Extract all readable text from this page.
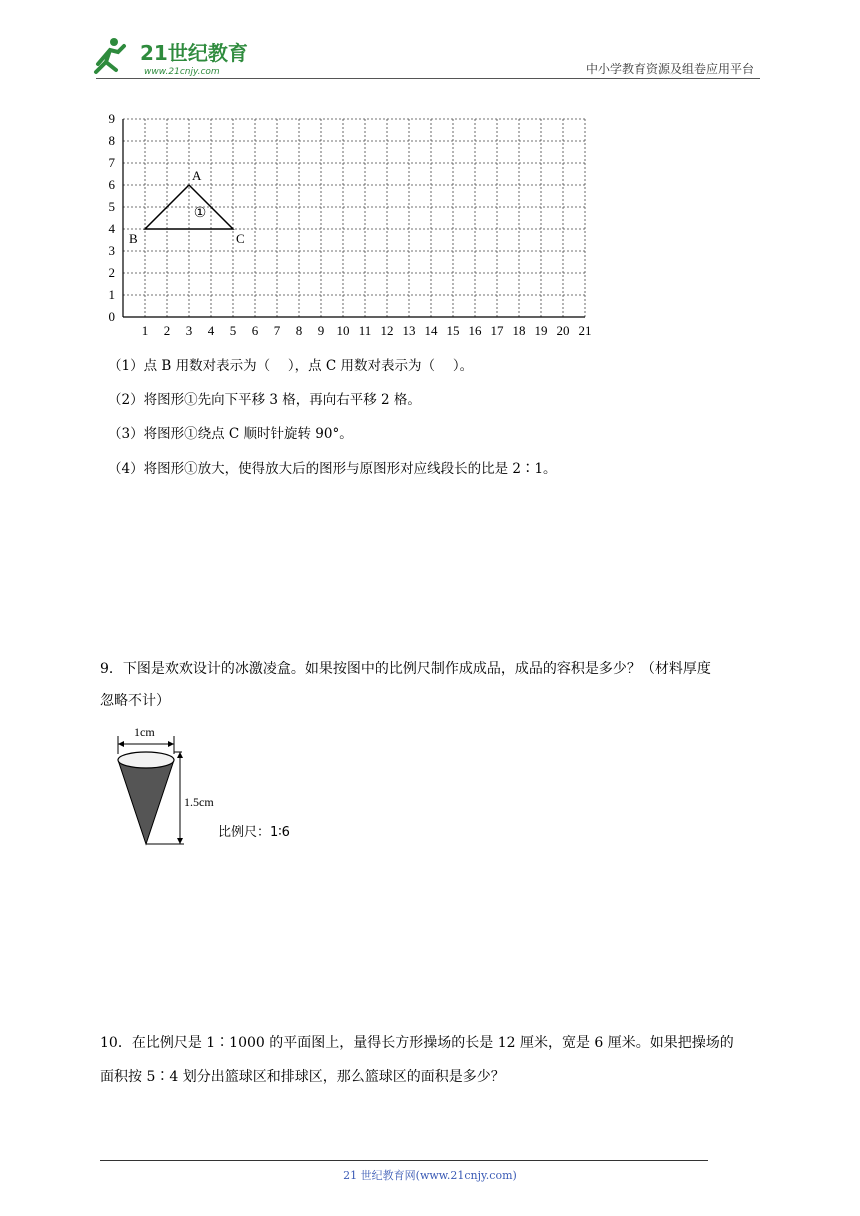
21世纪教育
www.21cnjy.com	中小学教育资源及组卷应用平台
1 2 3 4 5 6 7 8 9 10 11 12 13 14 15 16 17 18 19 20 21
0
1
2
3
4
5
6
7
8
9
A
B	C
①
（1）点 B 用数对表示为（　 ），点 C 用数对表示为（　 ）。
（2）将图形①先向下平移 3 格，再向右平移 2 格。
（3）将图形①绕点 C 顺时针旋转 90°。
（4）将图形①放大，使得放大后的图形与原图形对应线段长的比是 2∶1。
9．下图是欢欢设计的冰激凌盒。如果按图中的比例尺制作成成品，成品的容积是多少？（材料厚度
忽略不计）
1cm
1.5cm
比例尺：1∶6
10．在比例尺是 1∶1000 的平面图上，量得长方形操场的长是 12 厘米，宽是 6 厘米。如果把操场的
面积按 5∶4 划分出篮球区和排球区，那么篮球区的面积是多少？
21 世纪教育网(www.21cnjy.com)
